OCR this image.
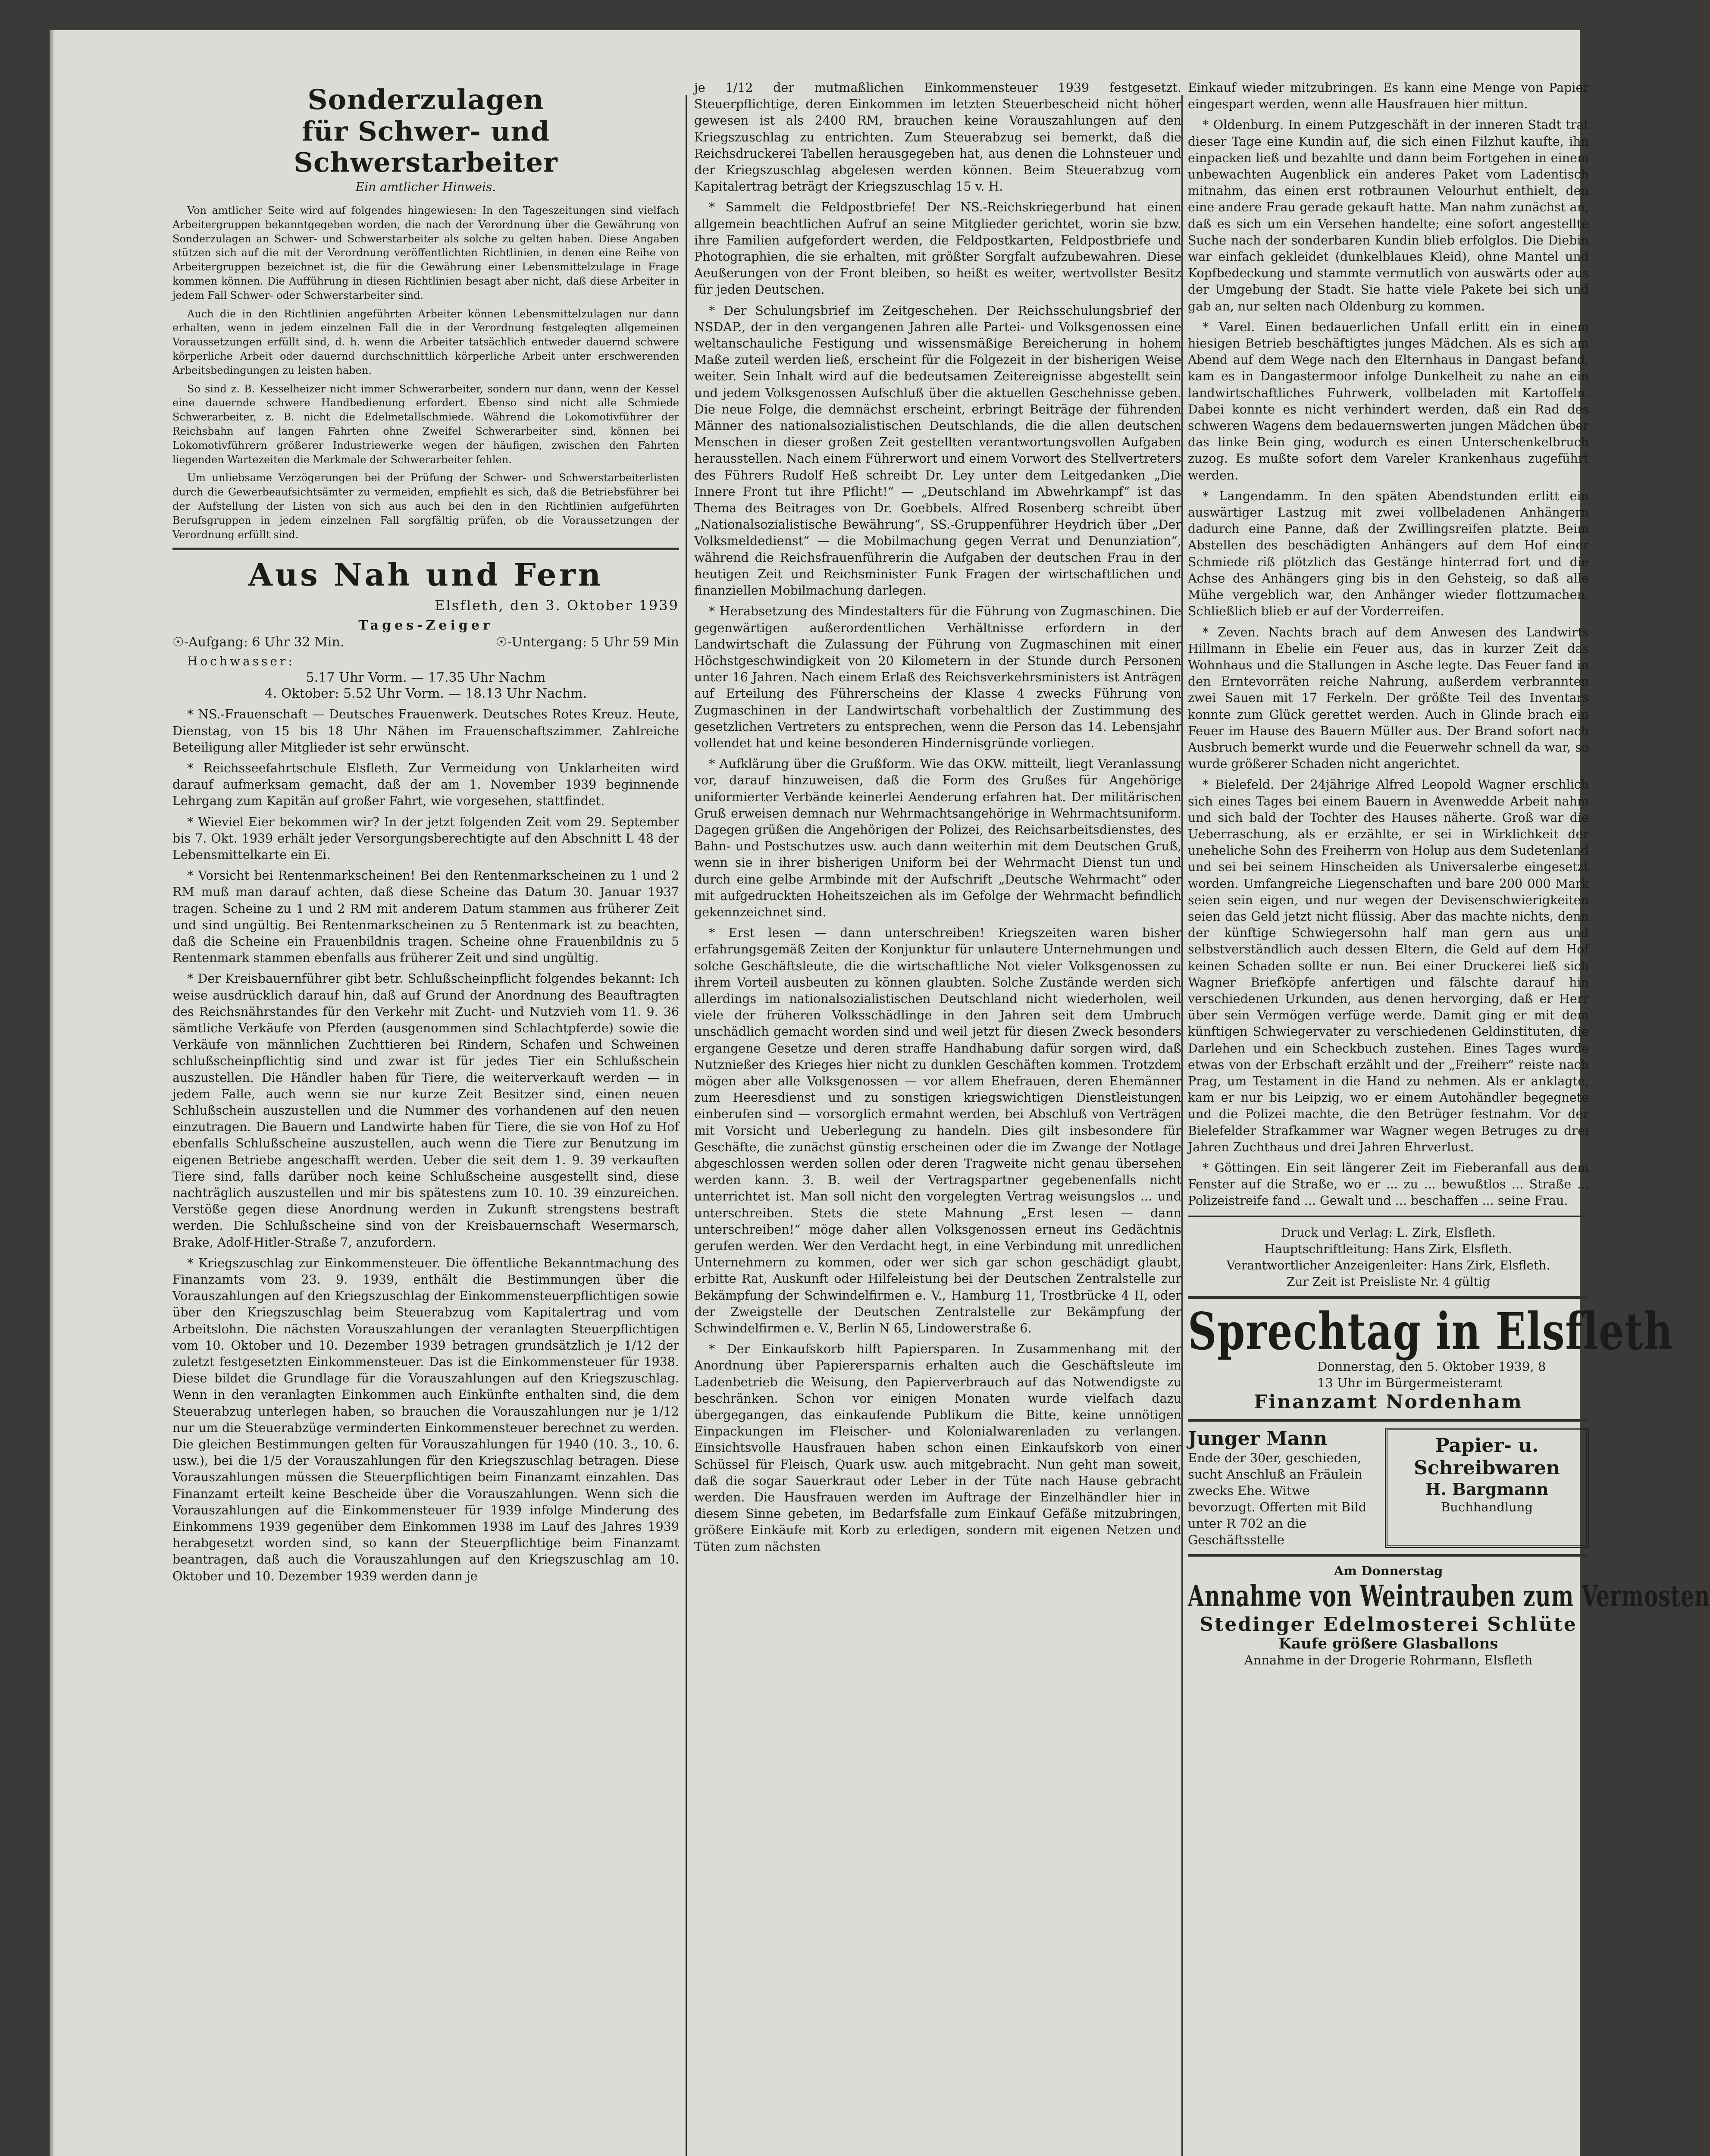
Sonderzulagen
für Schwer- und Schwerstarbeiter
Ein amtlicher Hinweis.

Von amtlicher Seite wird auf folgendes hingewiesen: In den Tageszeitungen sind vielfach Arbeitergruppen bekanntgegeben worden, die nach der Verordnung über die Gewährung von Sonderzulagen an Schwer- und Schwerstarbeiter als solche zu gelten haben. Diese Angaben stützen sich auf die mit der Verordnung veröffentlichten Richtlinien, in denen eine Reihe von Arbeitergruppen bezeichnet ist, die für die Gewährung einer Lebensmittelzulage in Frage kommen können. Die Aufführung in diesen Richtlinien besagt aber nicht, daß diese Arbeiter in jedem Fall Schwer- oder Schwerstarbeiter sind.

Auch die in den Richtlinien angeführten Arbeiter können Lebensmittelzulagen nur dann erhalten, wenn in jedem einzelnen Fall die in der Verordnung festgelegten allgemeinen Voraussetzungen erfüllt sind, d. h. wenn die Arbeiter tatsächlich entweder dauernd schwere körperliche Arbeit oder dauernd durchschnittlich körperliche Arbeit unter erschwerenden Arbeitsbedingungen zu leisten haben.

So sind z. B. Kesselheizer nicht immer Schwerarbeiter, sondern nur dann, wenn der Kessel eine dauernde schwere Handbedienung erfordert. Ebenso sind nicht alle Schmiede Schwerarbeiter, z. B. nicht die Edelmetallschmiede. Während die Lokomotivführer der Reichsbahn auf langen Fahrten ohne Zweifel Schwerarbeiter sind, können bei Lokomotivführern größerer Industriewerke wegen der häufigen, zwischen den Fahrten liegenden Wartezeiten die Merkmale der Schwerarbeiter fehlen.

Um unliebsame Verzögerungen bei der Prüfung der Schwer- und Schwerstarbeiterlisten durch die Gewerbeaufsichtsämter zu vermeiden, empfiehlt es sich, daß die Betriebsführer bei der Aufstellung der Listen von sich aus auch bei den in den Richtlinien aufgeführten Berufsgruppen in jedem einzelnen Fall sorgfältig prüfen, ob die Voraussetzungen der Verordnung erfüllt sind.

Aus Nah und Fern
Elsfleth, den 3. Oktober 1939
Tages-Zeiger
☉-Aufgang: 6 Uhr 32 Min.	☉-Untergang: 5 Uhr 59 Min
Hochwasser:
5.17 Uhr Vorm. — 17.35 Uhr Nachm
4. Oktober: 5.52 Uhr Vorm. — 18.13 Uhr Nachm.

* NS.-Frauenschaft — Deutsches Frauenwerk. Deutsches Rotes Kreuz. Heute, Dienstag, von 15 bis 18 Uhr Nähen im Frauenschaftszimmer. Zahlreiche Beteiligung aller Mitglieder ist sehr erwünscht.

* Reichsseefahrtschule Elsfleth. Zur Vermeidung von Unklarheiten wird darauf aufmerksam gemacht, daß der am 1. November 1939 beginnende Lehrgang zum Kapitän auf großer Fahrt, wie vorgesehen, stattfindet.

* Wieviel Eier bekommen wir? In der jetzt folgenden Zeit vom 29. September bis 7. Okt. 1939 erhält jeder Versorgungsberechtigte auf den Abschnitt L 48 der Lebensmittelkarte ein Ei.

* Vorsicht bei Rentenmarkscheinen! Bei den Rentenmarkscheinen zu 1 und 2 RM muß man darauf achten, daß diese Scheine das Datum 30. Januar 1937 tragen. Scheine zu 1 und 2 RM mit anderem Datum stammen aus früherer Zeit und sind ungültig. Bei Rentenmarkscheinen zu 5 Rentenmark ist zu beachten, daß die Scheine ein Frauenbildnis tragen. Scheine ohne Frauenbildnis zu 5 Rentenmark stammen ebenfalls aus früherer Zeit und sind ungültig.

* Der Kreisbauernführer gibt betr. Schlußscheinpflicht folgendes bekannt: Ich weise ausdrücklich darauf hin, daß auf Grund der Anordnung des Beauftragten des Reichsnährstandes für den Verkehr mit Zucht- und Nutzvieh vom 11. 9. 36 sämtliche Verkäufe von Pferden (ausgenommen sind Schlachtpferde) sowie die Verkäufe von männlichen Zuchttieren bei Rindern, Schafen und Schweinen schlußscheinpflichtig sind und zwar ist für jedes Tier ein Schlußschein auszustellen. Die Händler haben für Tiere, die weiterverkauft werden — in jedem Falle, auch wenn sie nur kurze Zeit Besitzer sind, einen neuen Schlußschein auszustellen und die Nummer des vorhandenen auf den neuen einzutragen. Die Bauern und Landwirte haben für Tiere, die sie von Hof zu Hof ebenfalls Schlußscheine auszustellen, auch wenn die Tiere zur Benutzung im eigenen Betriebe angeschafft werden. Ueber die seit dem 1. 9. 39 verkauften Tiere sind, falls darüber noch keine Schlußscheine ausgestellt sind, diese nachträglich auszustellen und mir bis spätestens zum 10. 10. 39 einzureichen. Verstöße gegen diese Anordnung werden in Zukunft strengstens bestraft werden. Die Schlußscheine sind von der Kreisbauernschaft Wesermarsch, Brake, Adolf-Hitler-Straße 7, anzufordern.

* Kriegszuschlag zur Einkommensteuer. Die öffentliche Bekanntmachung des Finanzamts vom 23. 9. 1939, enthält die Bestimmungen über die Vorauszahlungen auf den Kriegszuschlag der Einkommensteuerpflichtigen sowie über den Kriegszuschlag beim Steuerabzug vom Kapitalertrag und vom Arbeitslohn. Die nächsten Vorauszahlungen der veranlagten Steuerpflichtigen vom 10. Oktober und 10. Dezember 1939 betragen grundsätzlich je 1/12 der zuletzt festgesetzten Einkommensteuer. Das ist die Einkommensteuer für 1938. Diese bildet die Grundlage für die Vorauszahlungen auf den Kriegszuschlag. Wenn in den veranlagten Einkommen auch Einkünfte enthalten sind, die dem Steuerabzug unterlegen haben, so brauchen die Vorauszahlungen nur je 1/12 nur um die Steuerabzüge verminderten Einkommensteuer berechnet zu werden. Die gleichen Bestimmungen gelten für Vorauszahlungen für 1940 (10. 3., 10. 6. usw.), bei die 1/5 der Vorauszahlungen für den Kriegszuschlag betragen. Diese Vorauszahlungen müssen die Steuerpflichtigen beim Finanzamt einzahlen. Das Finanzamt erteilt keine Bescheide über die Vorauszahlungen. Wenn sich die Vorauszahlungen auf die Einkommensteuer für 1939 infolge Minderung des Einkommens 1939 gegenüber dem Einkommen 1938 im Lauf des Jahres 1939 herabgesetzt worden sind, so kann der Steuerpflichtige beim Finanzamt beantragen, daß auch die Vorauszahlungen auf den Kriegszuschlag am 10. Oktober und 10. Dezember 1939 werden dann je

je 1/12 der mutmaßlichen Einkommensteuer 1939 festgesetzt. Steuerpflichtige, deren Einkommen im letzten Steuerbescheid nicht höher gewesen ist als 2400 RM, brauchen keine Vorauszahlungen auf den Kriegszuschlag zu entrichten. Zum Steuerabzug sei bemerkt, daß die Reichsdruckerei Tabellen herausgegeben hat, aus denen die Lohnsteuer und der Kriegszuschlag abgelesen werden können. Beim Steuerabzug vom Kapitalertrag beträgt der Kriegszuschlag 15 v. H.

* Sammelt die Feldpostbriefe! Der NS.-Reichskriegerbund hat einen allgemein beachtlichen Aufruf an seine Mitglieder gerichtet, worin sie bzw. ihre Familien aufgefordert werden, die Feldpostkarten, Feldpostbriefe und Photographien, die sie erhalten, mit größter Sorgfalt aufzubewahren. Diese Aeußerungen von der Front bleiben, so heißt es weiter, wertvollster Besitz für jeden Deutschen.

* Der Schulungsbrief im Zeitgeschehen. Der Reichsschulungsbrief der NSDAP., der in den vergangenen Jahren alle Partei- und Volksgenossen eine weltanschauliche Festigung und wissensmäßige Bereicherung in hohem Maße zuteil werden ließ, erscheint für die Folgezeit in der bisherigen Weise weiter. Sein Inhalt wird auf die bedeutsamen Zeitereignisse abgestellt sein und jedem Volksgenossen Aufschluß über die aktuellen Geschehnisse geben. Die neue Folge, die demnächst erscheint, erbringt Beiträge der führenden Männer des nationalsozialistischen Deutschlands, die die allen deutschen Menschen in dieser großen Zeit gestellten verantwortungsvollen Aufgaben herausstellen. Nach einem Führerwort und einem Vorwort des Stellvertreters des Führers Rudolf Heß schreibt Dr. Ley unter dem Leitgedanken „Die Innere Front tut ihre Pflicht!“ — „Deutschland im Abwehrkampf“ ist das Thema des Beitrages von Dr. Goebbels. Alfred Rosenberg schreibt über „Nationalsozialistische Bewährung“, SS.-Gruppenführer Heydrich über „Der Volksmeldedienst“ — die Mobilmachung gegen Verrat und Denunziation“, während die Reichsfrauenführerin die Aufgaben der deutschen Frau in der heutigen Zeit und Reichsminister Funk Fragen der wirtschaftlichen und finanziellen Mobilmachung darlegen.

* Herabsetzung des Mindestalters für die Führung von Zugmaschinen. Die gegenwärtigen außerordentlichen Verhältnisse erfordern in der Landwirtschaft die Zulassung der Führung von Zugmaschinen mit einer Höchstgeschwindigkeit von 20 Kilometern in der Stunde durch Personen unter 16 Jahren. Nach einem Erlaß des Reichsverkehrsministers ist Anträgen auf Erteilung des Führerscheins der Klasse 4 zwecks Führung von Zugmaschinen in der Landwirtschaft vorbehaltlich der Zustimmung des gesetzlichen Vertreters zu entsprechen, wenn die Person das 14. Lebensjahr vollendet hat und keine besonderen Hindernisgründe vorliegen.

* Aufklärung über die Grußform. Wie das OKW. mitteilt, liegt Veranlassung vor, darauf hinzuweisen, daß die Form des Grußes für Angehörige uniformierter Verbände keinerlei Aenderung erfahren hat. Der militärischen Gruß erweisen demnach nur Wehrmachtsangehörige in Wehrmachtsuniform. Dagegen grüßen die Angehörigen der Polizei, des Reichsarbeitsdienstes, des Bahn- und Postschutzes usw. auch dann weiterhin mit dem Deutschen Gruß, wenn sie in ihrer bisherigen Uniform bei der Wehrmacht Dienst tun und durch eine gelbe Armbinde mit der Aufschrift „Deutsche Wehrmacht“ oder mit aufgedruckten Hoheitszeichen als im Gefolge der Wehrmacht befindlich gekennzeichnet sind.

* Erst lesen — dann unterschreiben! Kriegszeiten waren bisher erfahrungsgemäß Zeiten der Konjunktur für unlautere Unternehmungen und solche Geschäftsleute, die die wirtschaftliche Not vieler Volksgenossen zu ihrem Vorteil ausbeuten zu können glaubten. Solche Zustände werden sich allerdings im nationalsozialistischen Deutschland nicht wiederholen, weil viele der früheren Volksschädlinge in den Jahren seit dem Umbruch unschädlich gemacht worden sind und weil jetzt für diesen Zweck besonders ergangene Gesetze und deren straffe Handhabung dafür sorgen wird, daß Nutznießer des Krieges hier nicht zu dunklen Geschäften kommen. Trotzdem mögen aber alle Volksgenossen — vor allem Ehefrauen, deren Ehemänner zum Heeresdienst und zu sonstigen kriegswichtigen Dienstleistungen einberufen sind — vorsorglich ermahnt werden, bei Abschluß von Verträgen mit Vorsicht und Ueberlegung zu handeln. Dies gilt insbesondere für Geschäfte, die zunächst günstig erscheinen oder die im Zwange der Notlage abgeschlossen werden sollen oder deren Tragweite nicht genau übersehen werden kann. 3. B. weil der Vertragspartner gegebenenfalls nicht unterrichtet ist. Man soll nicht den vorgelegten Vertrag weisungslos ... und unterschreiben. Stets die stete Mahnung „Erst lesen — dann unterschreiben!“ möge daher allen Volksgenossen erneut ins Gedächtnis gerufen werden. Wer den Verdacht hegt, in eine Verbindung mit unredlichen Unternehmern zu kommen, oder wer sich gar schon geschädigt glaubt, erbitte Rat, Auskunft oder Hilfeleistung bei der Deutschen Zentralstelle zur Bekämpfung der Schwindelfirmen e. V., Hamburg 11, Trostbrücke 4 II, oder der Zweigstelle der Deutschen Zentralstelle zur Bekämpfung der Schwindelfirmen e. V., Berlin N 65, Lindowerstraße 6.

* Der Einkaufskorb hilft Papiersparen. In Zusammenhang mit der Anordnung über Papierersparnis erhalten auch die Geschäftsleute im Ladenbetrieb die Weisung, den Papierverbrauch auf das Notwendigste zu beschränken. Schon vor einigen Monaten wurde vielfach dazu übergegangen, das einkaufende Publikum die Bitte, keine unnötigen Einpackungen im Fleischer- und Kolonialwarenladen zu verlangen. Einsichtsvolle Hausfrauen haben schon einen Einkaufskorb von einer Schüssel für Fleisch, Quark usw. auch mitgebracht. Nun geht man soweit, daß die sogar Sauerkraut oder Leber in der Tüte nach Hause gebracht werden. Die Hausfrauen werden im Auftrage der Einzelhändler hier in diesem Sinne gebeten, im Bedarfsfalle zum Einkauf Gefäße mitzubringen, größere Einkäufe mit Korb zu erledigen, sondern mit eigenen Netzen und Tüten zum nächsten

Einkauf wieder mitzubringen. Es kann eine Menge von Papier eingespart werden, wenn alle Hausfrauen hier mittun.

* Oldenburg. In einem Putzgeschäft in der inneren Stadt trat dieser Tage eine Kundin auf, die sich einen Filzhut kaufte, ihn einpacken ließ und bezahlte und dann beim Fortgehen in einem unbewachten Augenblick ein anderes Paket vom Ladentisch mitnahm, das einen erst rotbraunen Velourhut enthielt, den eine andere Frau gerade gekauft hatte. Man nahm zunächst an, daß es sich um ein Versehen handelte; eine sofort angestellte Suche nach der sonderbaren Kundin blieb erfolglos. Die Diebin war einfach gekleidet (dunkelblaues Kleid), ohne Mantel und Kopfbedeckung und stammte vermutlich von auswärts oder aus der Umgebung der Stadt. Sie hatte viele Pakete bei sich und gab an, nur selten nach Oldenburg zu kommen.

* Varel. Einen bedauerlichen Unfall erlitt ein in einem hiesigen Betrieb beschäftigtes junges Mädchen. Als es sich am Abend auf dem Wege nach den Elternhaus in Dangast befand, kam es in Dangastermoor infolge Dunkelheit zu nahe an ein landwirtschaftliches Fuhrwerk, vollbeladen mit Kartoffeln. Dabei konnte es nicht verhindert werden, daß ein Rad des schweren Wagens dem bedauernswerten jungen Mädchen über das linke Bein ging, wodurch es einen Unterschenkelbruch zuzog. Es mußte sofort dem Vareler Krankenhaus zugeführt werden.

* Langendamm. In den späten Abendstunden erlitt ein auswärtiger Lastzug mit zwei vollbeladenen Anhängern dadurch eine Panne, daß der Zwillingsreifen platzte. Beim Abstellen des beschädigten Anhängers auf dem Hof einer Schmiede riß plötzlich das Gestänge hinterrad fort und die Achse des Anhängers ging bis in den Gehsteig, so daß alle Mühe vergeblich war, den Anhänger wieder flottzumachen. Schließlich blieb er auf der Vorderreifen.

* Zeven. Nachts brach auf dem Anwesen des Landwirts Hillmann in Ebelie ein Feuer aus, das in kurzer Zeit das Wohnhaus und die Stallungen in Asche legte. Das Feuer fand in den Erntevorräten reiche Nahrung, außerdem verbrannten zwei Sauen mit 17 Ferkeln. Der größte Teil des Inventars konnte zum Glück gerettet werden. Auch in Glinde brach ein Feuer im Hause des Bauern Müller aus. Der Brand sofort nach Ausbruch bemerkt wurde und die Feuerwehr schnell da war, so wurde größerer Schaden nicht angerichtet.

* Bielefeld. Der 24jährige Alfred Leopold Wagner erschlich sich eines Tages bei einem Bauern in Avenwedde Arbeit nahm und sich bald der Tochter des Hauses näherte. Groß war die Ueberraschung, als er erzählte, er sei in Wirklichkeit der uneheliche Sohn des Freiherrn von Holup aus dem Sudetenland und sei bei seinem Hinscheiden als Universalerbe eingesetzt worden. Umfangreiche Liegenschaften und bare 200 000 Mark seien sein eigen, und nur wegen der Devisenschwierigkeiten seien das Geld jetzt nicht flüssig. Aber das machte nichts, denn der künftige Schwiegersohn half man gern aus und selbstverständlich auch dessen Eltern, die Geld auf dem Hof keinen Schaden sollte er nun. Bei einer Druckerei ließ sich Wagner Briefköpfe anfertigen und fälschte darauf hin verschiedenen Urkunden, aus denen hervorging, daß er Herr über sein Vermögen verfüge werde. Damit ging er mit dem künftigen Schwiegervater zu verschiedenen Geldinstituten, die Darlehen und ein Scheckbuch zustehen. Eines Tages wurde etwas von der Erbschaft erzählt und der „Freiherr“ reiste nach Prag, um Testament in die Hand zu nehmen. Als er anklagte, kam er nur bis Leipzig, wo er einem Autohändler begegnete und die Polizei machte, die den Betrüger festnahm. Vor der Bielefelder Strafkammer war Wagner wegen Betruges zu drei Jahren Zuchthaus und drei Jahren Ehrverlust.

* Göttingen. Ein seit längerer Zeit im Fieberanfall aus dem Fenster auf die Straße, wo er ... zu ... bewußtlos ... Straße ... Polizeistreife fand ... Gewalt und ... beschaffen ... seine Frau.

Druck und Verlag: L. Zirk, Elsfleth.
Hauptschriftleitung: Hans Zirk, Elsfleth.
Verantwortlicher Anzeigenleiter: Hans Zirk, Elsfleth.
Zur Zeit ist Preisliste Nr. 4 gültig
Sprechtag in Elsfleth
Donnerstag, den 5. Oktober 1939, 8
13 Uhr im Bürgermeisteramt
Finanzamt Nordenham
Junger Mann
Ende der 30er, geschieden, sucht Anschluß an Fräulein zwecks Ehe. Witwe bevorzugt. Offerten mit Bild unter R 702 an die Geschäftsstelle
Papier- u. Schreibwaren
H. Bargmann
Buchhandlung
Am Donnerstag
Annahme von Weintrauben zum Vermosten
Stedinger Edelmosterei Schlüte
Kaufe größere Glasballons
Annahme in der Drogerie Rohrmann, Elsfleth
